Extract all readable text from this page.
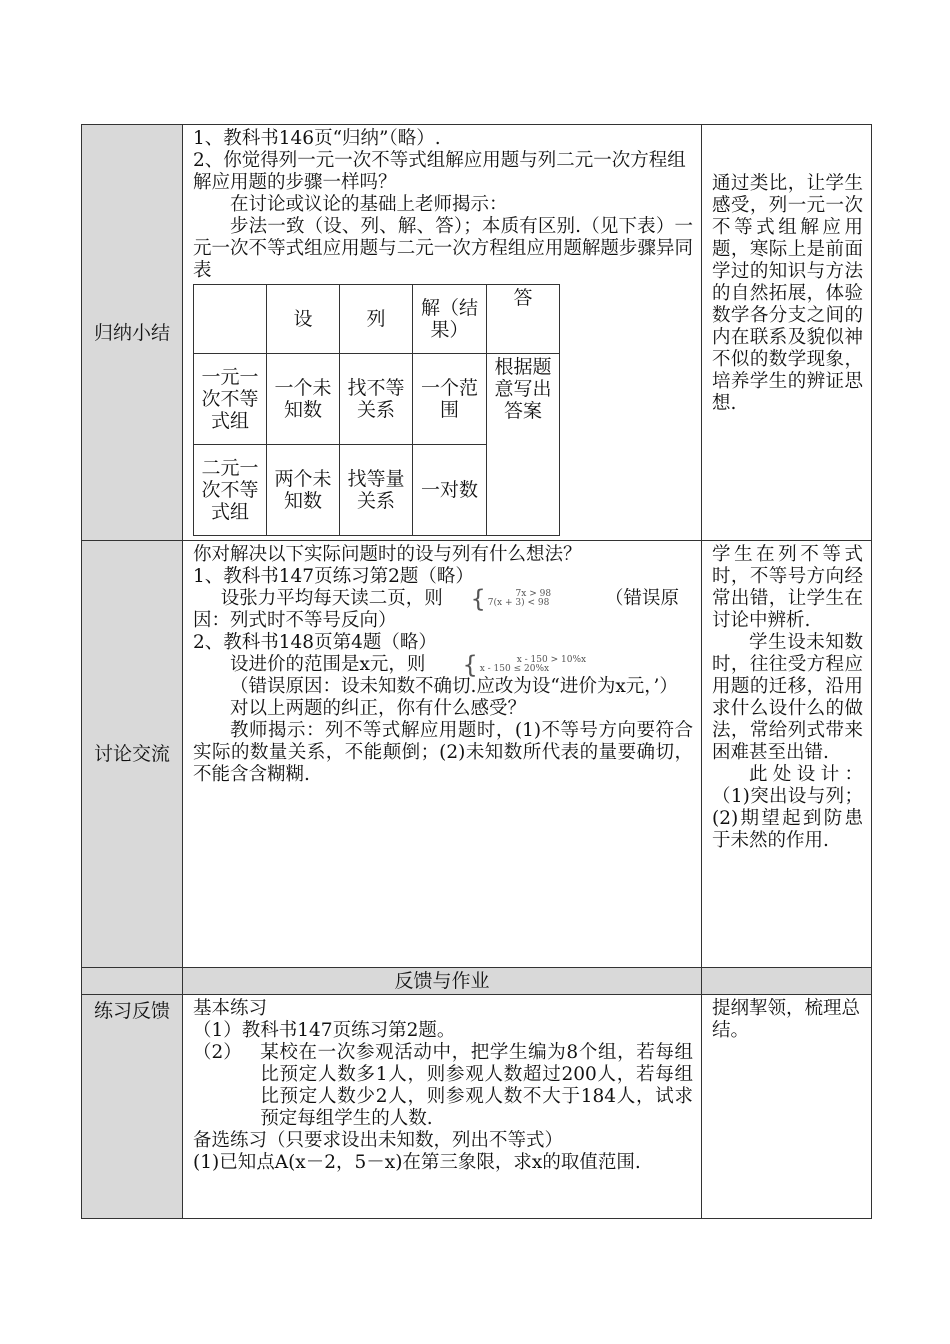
归纳小结	

1、教科书146页“归纳”（略）.

2、你觉得列一元一次不等式组解应用题与列二元一次方程组解应用题的步骤一样吗？

在讨论或议论的基础上老师揭示：

步法一致（设、列、解、答）；本质有区别.（见下表）一元一次不等式组应用题与二元一次方程组应用题解题步骤异同表

	设	列	解（结果）	答
一元一次不等式组	一个未知数	找不等关系	一个范围	根据题意写出答案
二元一次不等式组	两个未知数	找等量关系	一对数

通过类比，让学生感受，列一元一次不等式组解应用题，寒际上是前面学过的知识与方法的自然拓展，体验数学各分支之间的内在联系及貌似神不似的数学现象，培养学生的辨证思想.

讨论交流	

你对解决以下实际问题时的设与列有什么想法？

1、教科书147页练习第2题（略）

设张力平均每天读二页，则 {	7x > 98
7(x + 3) < 98	（错误原因：列式时不等号反向）

2、教科书148页第4题（略）

设进价的范围是x元，则 {	x - 150 > 10%x
x - 150 ≤ 20%x

（错误原因：设未知数不确切.应改为设“进价为x元，’）

对以上两题的纠正，你有什么感受？

教师揭示：列不等式解应用题时，(1)不等号方向要符合实际的数量关系，不能颠倒；(2)未知数所代表的量要确切，不能含含糊糊.

学生在列不等式时，不等号方向经常出错，让学生在讨论中辨析.

学生设未知数时，往往受方程应用题的迁移，沿用求什么设什么的做法，常给列式带来困难甚至出错.

此处设计：（1)突出设与列；(2)期望起到防患于未然的作用.

	反馈与作业	
练习反馈	基本练习

（1）教科书147页练习第2题。

（2）	某校在一次参观活动中，把学生编为8个组，若每组比预定人数多1人，则参观人数超过200人，若每组比预定人数少2人，则参观人数不大于184人，试求预定每组学生的人数.

备选练习（只要求设出未知数，列出不等式）

(1)已知点A(x－2，5－x)在第三象限，求x的取值范围.

提纲挈领，梳理总结。
